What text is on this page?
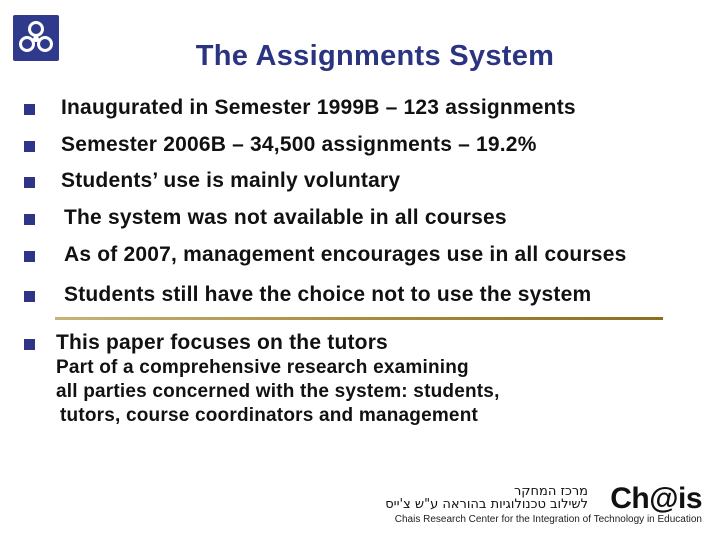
The Assignments System
Inaugurated in Semester 1999B – 123 assignments
Semester 2006B – 34,500 assignments – 19.2%
Students’ use is mainly voluntary
The system was not available in all courses
As of 2007, management encourages use in all courses
Students still have the choice not to use the system
This paper focuses on the tutors
Part of a comprehensive research examining
all parties concerned with the system: students,
tutors, course coordinators and management
מרכז המחקר
לשילוב טכנולוגיות בהוראה ע"ש צ'ייס Ch@is
Chais Research Center for the Integration of Technology in Education
